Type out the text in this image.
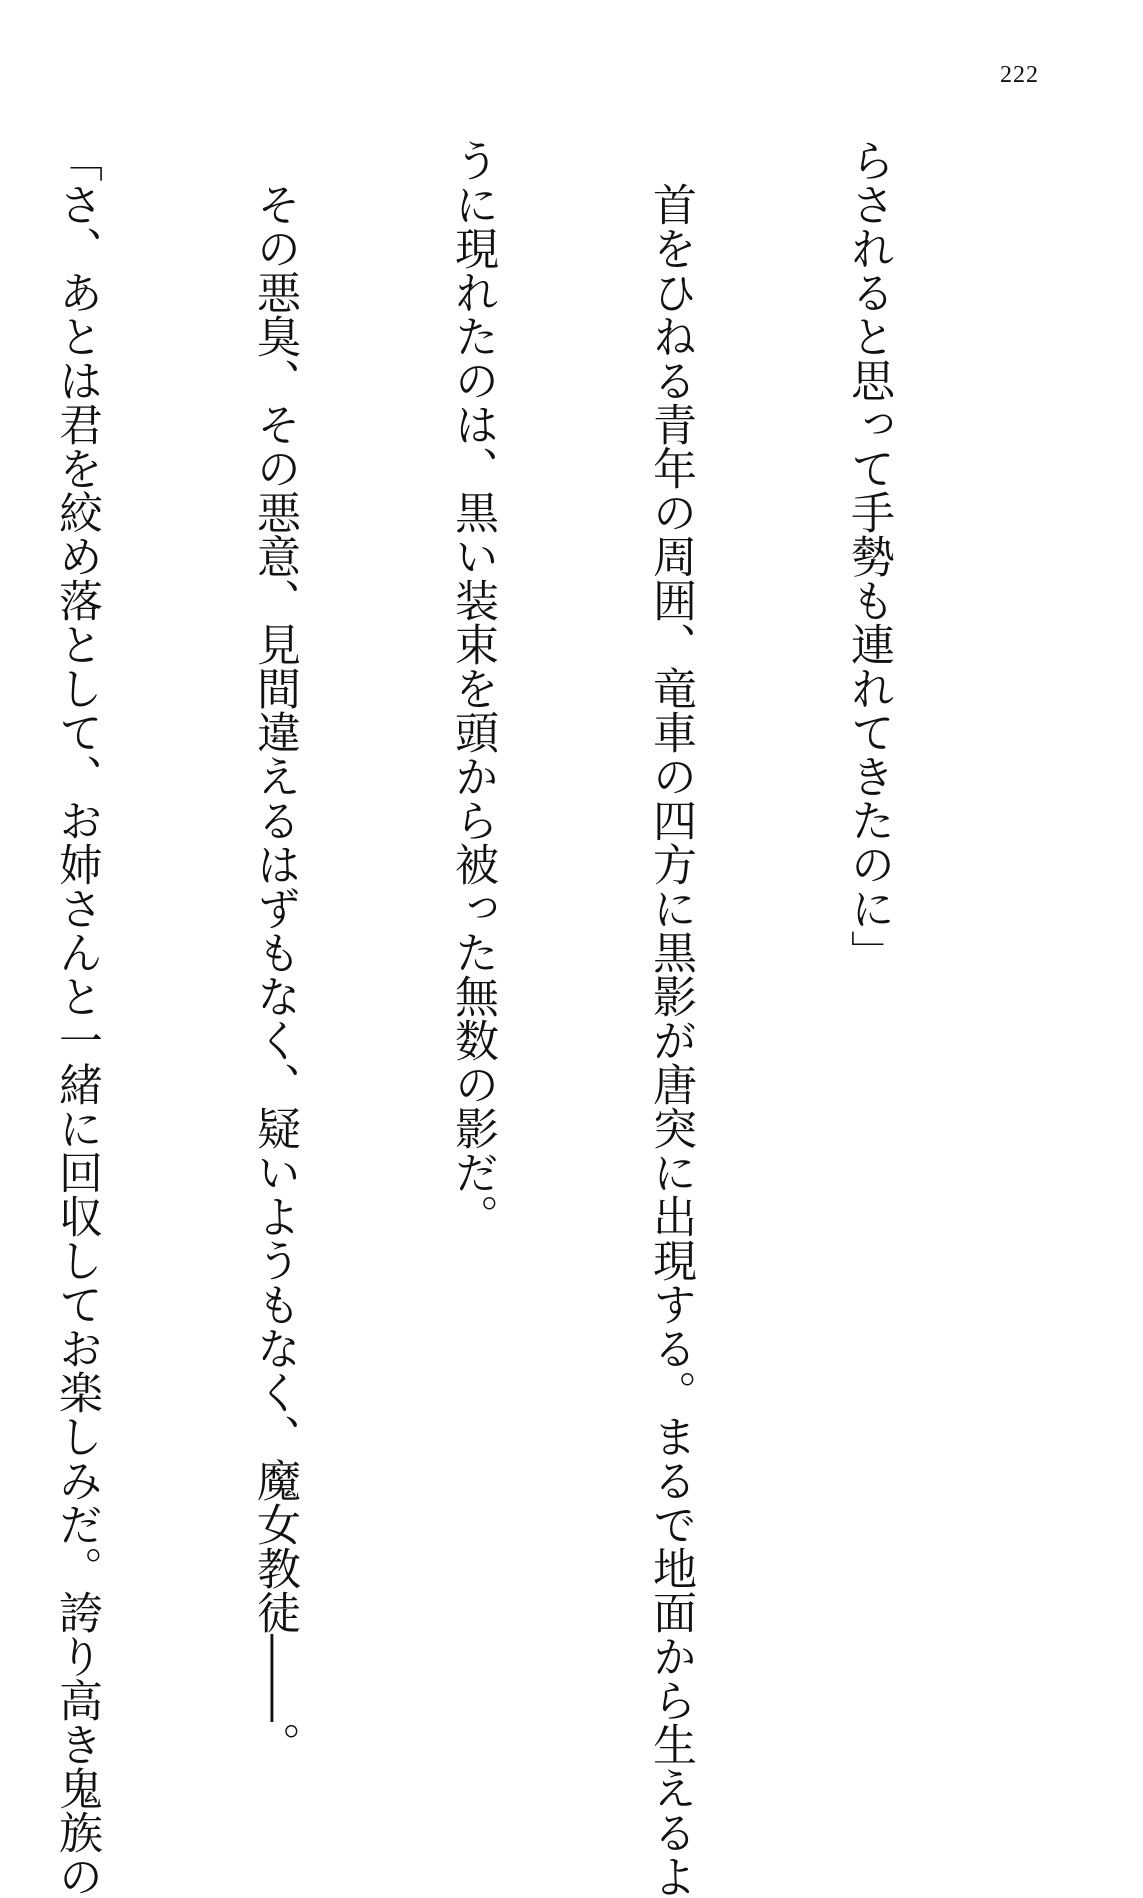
222

らされると思って手勢も連れてきたのに」

　首をひねる青年の周囲、竜車の四方に黒影が唐突に出現する。まるで地面から生えるよ

うに現れたのは、黒い装束を頭から被った無数の影だ。

　その悪臭、その悪意、見間違えるはずもなく、疑いようもなく、魔女教徒――。

「さ、あとは君を絞め落として、お姉さんと一緒に回収してお楽しみだ。誇り高き鬼族の
